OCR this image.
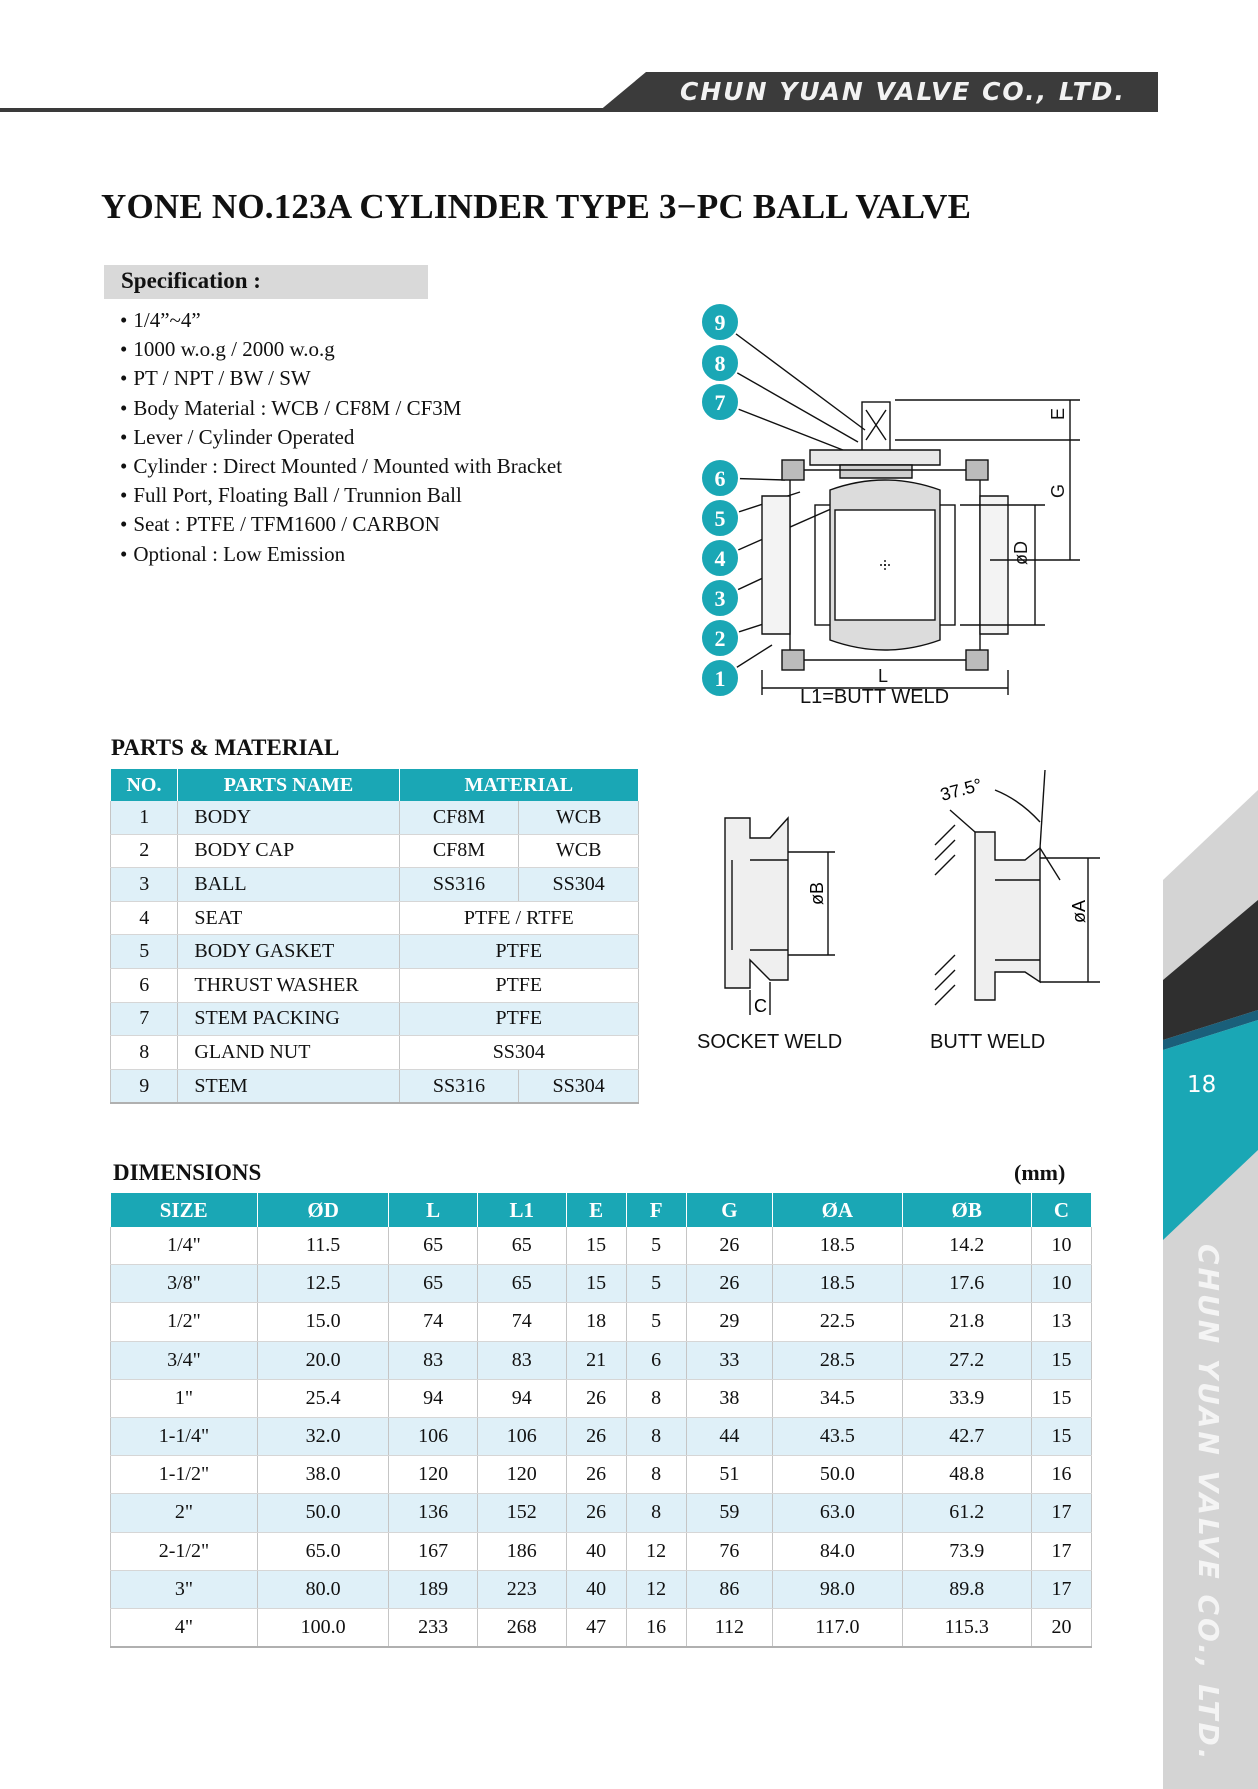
CHUN YUAN VALVE CO., LTD.
YONE NO.123A CYLINDER TYPE 3−PC BALL VALVE
Specification :
• 1/4”~4”
• 1000 w.o.g / 2000 w.o.g
• PT / NPT / BW / SW
• Body Material : WCB / CF8M / CF3M
• Lever / Cylinder Operated
• Cylinder : Direct Mounted / Mounted with Bracket
• Full Port, Floating Ball / Trunnion Ball
• Seat : PTFE / TFM1600 / CARBON
• Optional : Low Emission
9
8
7
6
5
4
3
2
1
E
G
øD
L
L1=BUTT WELD
øB
C
SOCKET WELD
øA
37.5°
BUTT WELD
PARTS & MATERIAL
NO.	PARTS NAME	MATERIAL	
1	BODY	CF8M	WCB
2	BODY CAP	CF8M	WCB
3	BALL	SS316	SS304
4	SEAT	PTFE / RTFE	
5	BODY GASKET	PTFE	
6	THRUST WASHER	PTFE	
7	STEM PACKING	PTFE	
8	GLAND NUT	SS304	
9	STEM	SS316	SS304
DIMENSIONS	(mm)
SIZE	ØD	L	L1	E	F	G	ØA	ØB	C
1/4"	11.5	65	65	15	5	26	18.5	14.2	10
3/8"	12.5	65	65	15	5	26	18.5	17.6	10
1/2"	15.0	74	74	18	5	29	22.5	21.8	13
3/4"	20.0	83	83	21	6	33	28.5	27.2	15
1"	25.4	94	94	26	8	38	34.5	33.9	15
1-1/4"	32.0	106	106	26	8	44	43.5	42.7	15
1-1/2"	38.0	120	120	26	8	51	50.0	48.8	16
2"	50.0	136	152	26	8	59	63.0	61.2	17
2-1/2"	65.0	167	186	40	12	76	84.0	73.9	17
3"	80.0	189	223	40	12	86	98.0	89.8	17
4"	100.0	233	268	47	16	112	117.0	115.3	20
18
CHUN YUAN VALVE CO., LTD.
